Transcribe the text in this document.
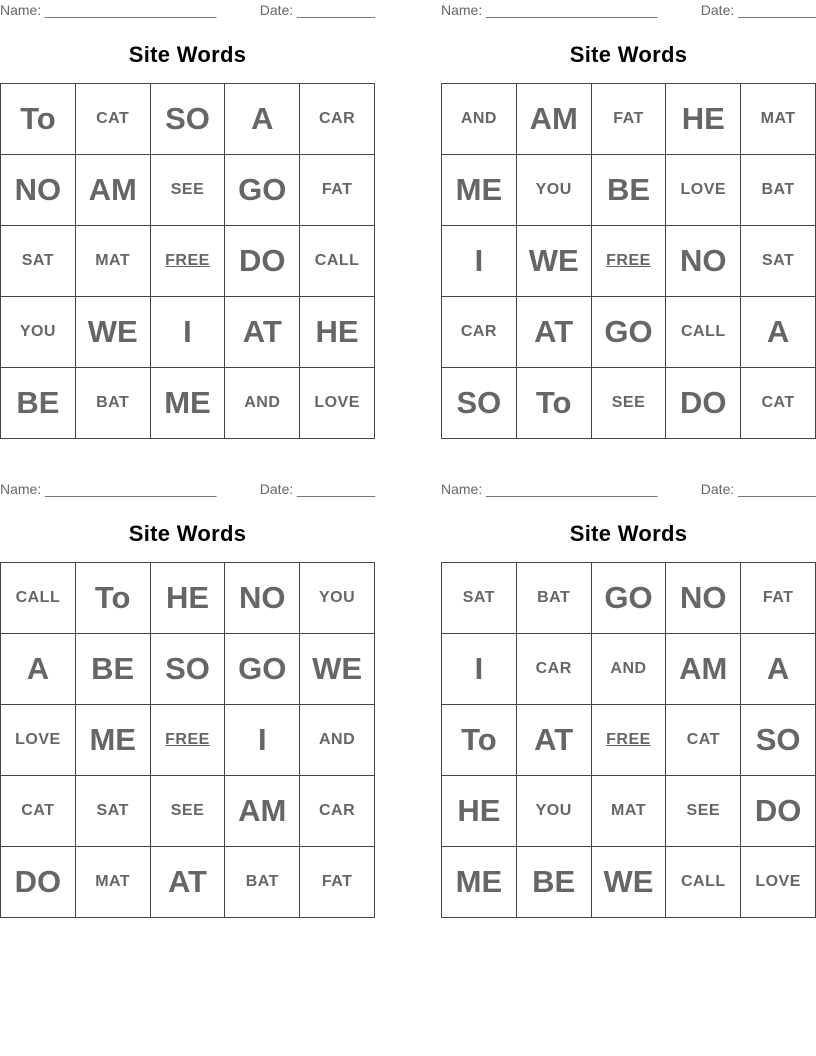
Name: ______________________	Date: __________
Site Words
To	CAT	SO	A	CAR
NO	AM	SEE	GO	FAT
SAT	MAT	FREE	DO	CALL
YOU	WE	I	AT	HE
BE	BAT	ME	AND	LOVE
Name: ______________________	Date: __________
Site Words
AND	AM	FAT	HE	MAT
ME	YOU	BE	LOVE	BAT
I	WE	FREE	NO	SAT
CAR	AT	GO	CALL	A
SO	To	SEE	DO	CAT
Name: ______________________	Date: __________
Site Words
CALL	To	HE	NO	YOU
A	BE	SO	GO	WE
LOVE	ME	FREE	I	AND
CAT	SAT	SEE	AM	CAR
DO	MAT	AT	BAT	FAT
Name: ______________________	Date: __________
Site Words
SAT	BAT	GO	NO	FAT
I	CAR	AND	AM	A
To	AT	FREE	CAT	SO
HE	YOU	MAT	SEE	DO
ME	BE	WE	CALL	LOVE
